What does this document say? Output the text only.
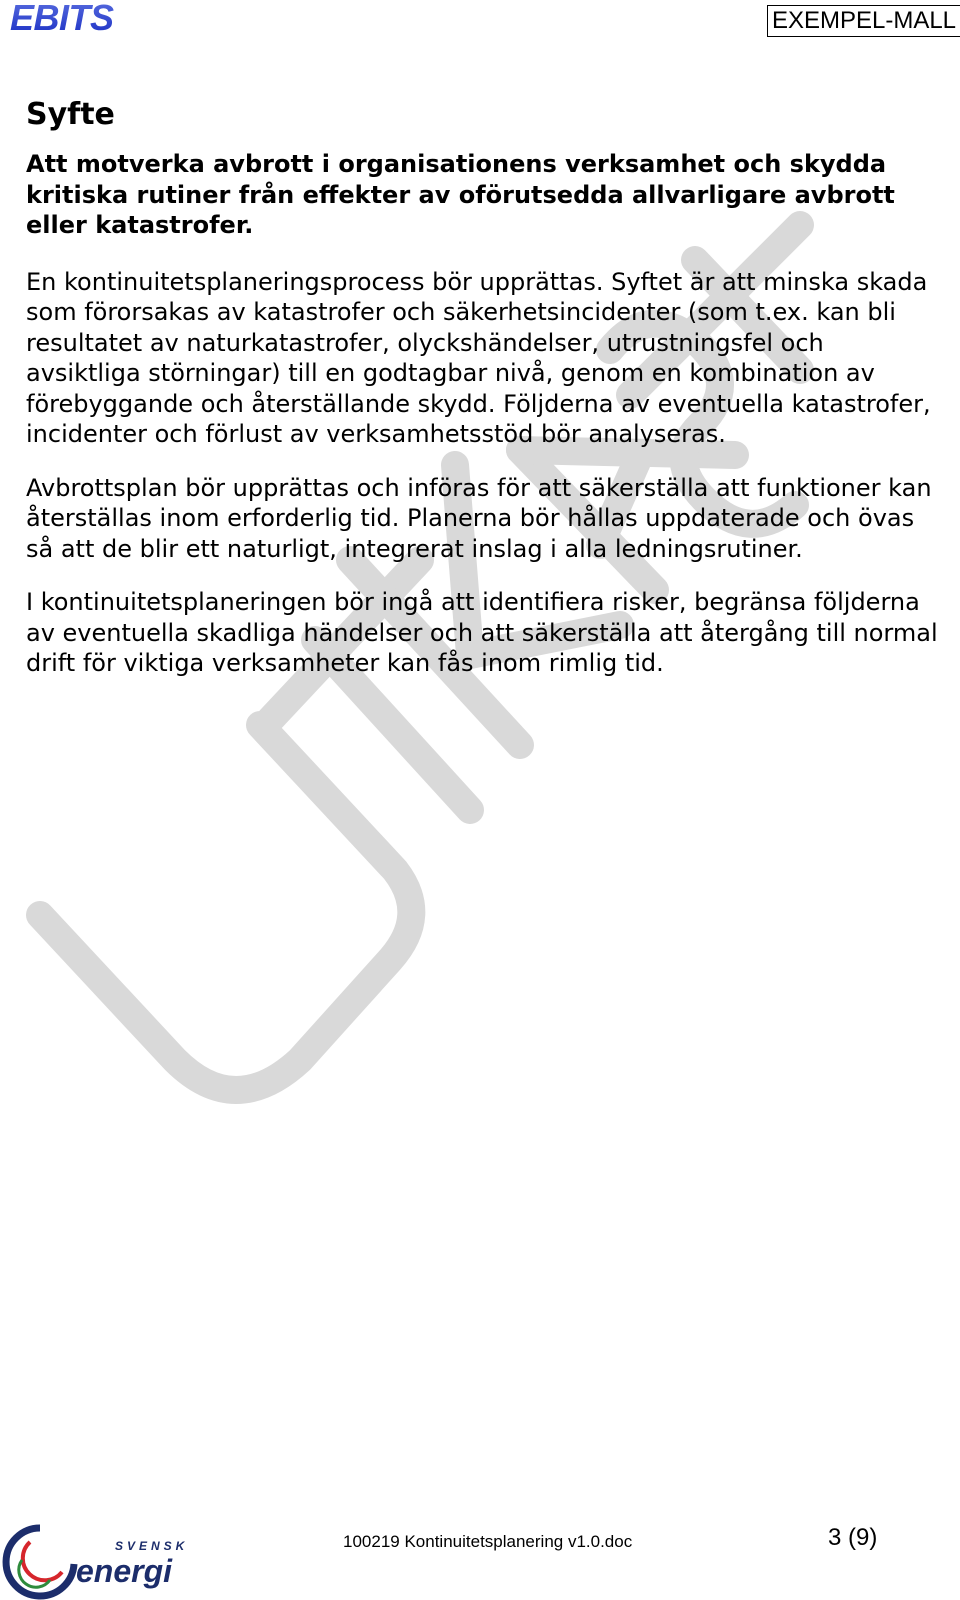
EBITS	EXEMPEL-MALL
Syfte

Att motverka avbrott i organisationens verksamhet och skydda kritiska rutiner från effekter av oförutsedda allvarligare avbrott eller katastrofer.

En kontinuitetsplaneringsprocess bör upprättas. Syftet är att minska skada som förorsakas av katastrofer och säkerhetsincidenter (som t.ex. kan bli resultatet av naturkatastrofer, olyckshändelser, utrustningsfel och avsiktliga störningar) till en godtagbar nivå, genom en kombination av förebyggande och återställande skydd. Följderna av eventuella katastrofer, incidenter och förlust av verksamhetsstöd bör analyseras.

Avbrottsplan bör upprättas och införas för att säkerställa att funktioner kan återställas inom erforderlig tid. Planerna bör hållas uppdaterade och övas så att de blir ett naturligt, integrerat inslag i alla ledningsrutiner.

I kontinuitetsplaneringen bör ingå att identifiera risker, begränsa följderna av eventuella skadliga händelser och att säkerställa att återgång till normal drift för viktiga verksamheter kan fås inom rimlig tid.

SVENSK
energi
100219 Kontinuitetsplanering v1.0.doc	3 (9)
